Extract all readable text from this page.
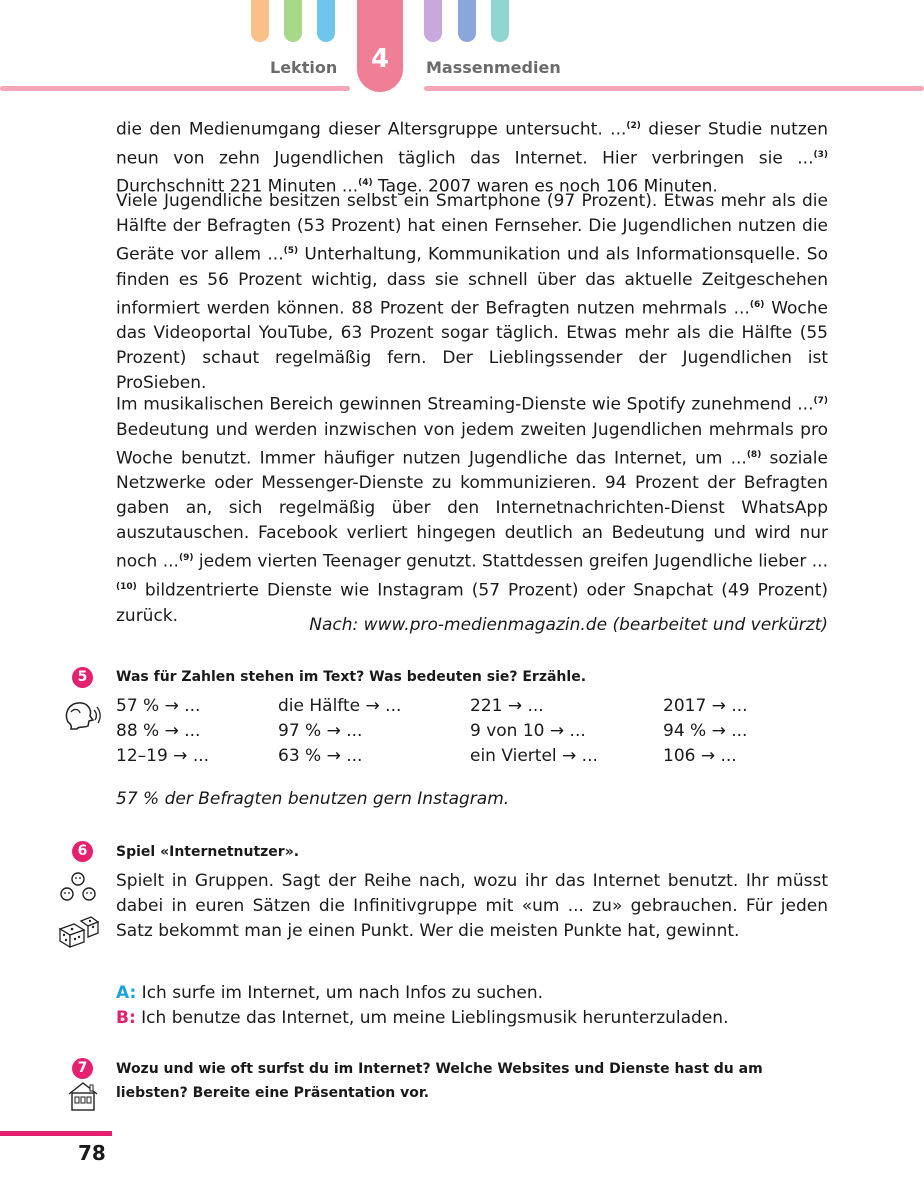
4
Lektion	Massenmedien

die den Medienumgang dieser Altersgruppe untersucht. ...$^{(2)}$ dieser Studie nutzen neun von zehn Jugendlichen täglich das Internet. Hier verbringen sie ...$^{(3)}$ Durchschnitt 221 Minuten ...$^{(4)}$ Tage. 2007 waren es noch 106 Minuten.

Viele Jugendliche besitzen selbst ein Smartphone (97 Prozent). Etwas mehr als die Hälfte der Befragten (53 Prozent) hat einen Fernseher. Die Jugendlichen nutzen die Geräte vor allem ...$^{(5)}$ Unterhaltung, Kommunikation und als Informationsquelle. So finden es 56 Prozent wichtig, dass sie schnell über das aktuelle Zeitgeschehen informiert werden können. 88 Prozent der Befragten nutzen mehrmals ...$^{(6)}$ Woche das Videoportal YouTube, 63 Prozent sogar täglich. Etwas mehr als die Hälfte (55 Prozent) schaut regelmäßig fern. Der Lieblingssender der Jugendlichen ist ProSieben.

Im musikalischen Bereich gewinnen Streaming-Dienste wie Spotify zunehmend ...$^{(7)}$ Bedeutung und werden inzwischen von jedem zweiten Jugendlichen mehrmals pro Woche benutzt. Immer häufiger nutzen Jugendliche das Internet, um ...$^{(8)}$ soziale Netzwerke oder Messenger-Dienste zu kommunizieren. 94 Prozent der Befragten gaben an, sich regelmäßig über den Internetnachrichten-Dienst WhatsApp auszutauschen. Facebook verliert hingegen deutlich an Bedeutung und wird nur noch ...$^{(9)}$ jedem vierten Teenager genutzt. Stattdessen greifen Jugendliche lieber ...$^{(10)}$ bildzentrierte Dienste wie Instagram (57 Prozent) oder Snapchat (49 Prozent) zurück.	Nach: www.pro-medienmagazin.de (bearbeitet und verkürzt)
5	Was für Zahlen stehen im Text? Was bedeuten sie? Erzähle.
57 % → ...	die Hälfte → ...	221 → ...	2017 → ...
88 % → ...	97 % → ...	9 von 10 → ...	94 % → ...
12–19 → ...	63 % → ...	ein Viertel → ...	106 → ...
57 % der Befragten benutzen gern Instagram.
6	Spiel «Internetnutzer».

Spielt in Gruppen. Sagt der Reihe nach, wozu ihr das Internet benutzt. Ihr müsst dabei in euren Sätzen die Infinitivgruppe mit «um ... zu» gebrauchen. Für jeden Satz bekommt man je einen Punkt. Wer die meisten Punkte hat, gewinnt.

A: Ich surfe im Internet, um nach Infos zu suchen.
B: Ich benutze das Internet, um meine Lieblingsmusik herunterzuladen.
7	Wozu und wie oft surfst du im Internet? Welche Websites und Dienste hast du am liebsten? Bereite eine Präsentation vor.
78
